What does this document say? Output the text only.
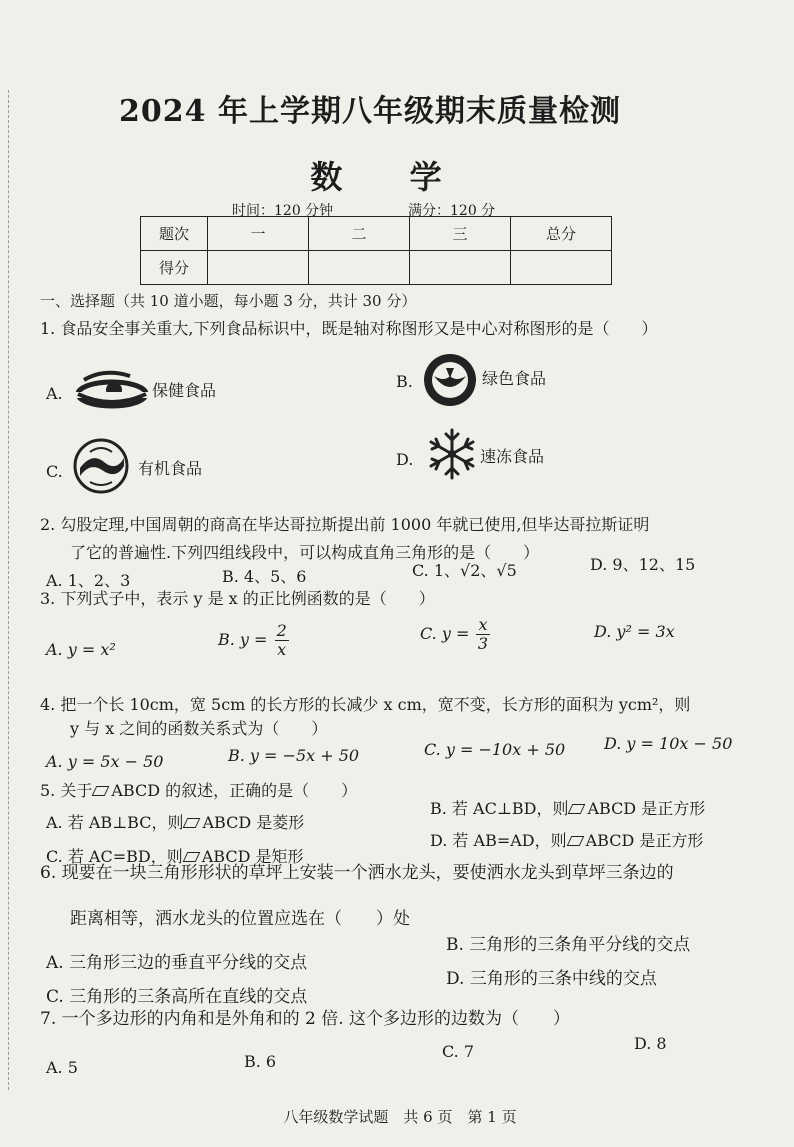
2024 年上学期八年级期末质量检测
数 学
时间：120 分钟	满分：120 分
题次	一	二	三	总分
得分				
一、选择题（共 10 道小题，每小题 3 分，共计 30 分）
1. 食品安全事关重大,下列食品标识中，既是轴对称图形又是中心对称图形的是（　　）
A.	保健食品	B.	绿色食品
C.	有机食品	D.	速冻食品
2. 勾股定理,中国周朝的商高在毕达哥拉斯提出前 1000 年就已使用,但毕达哥拉斯证明
了它的普遍性.下列四组线段中，可以构成直角三角形的是（　　）
A. 1、2、3	B. 4、5、6	C. 1、√2、√5	D. 9、12、15
3. 下列式子中，表示 y 是 x 的正比例函数的是（　　）
A. y = x²
B. $y = \frac{2}{x}$	C. $y = \frac{x}{3}$	D. y² = 3x
4. 把一个长 10cm，宽 5cm 的长方形的长减少 x cm，宽不变，长方形的面积为 ycm²，则
y 与 x 之间的函数关系式为（　　）
A. y = 5x − 50	B. y = −5x + 50	C. y = −10x + 50 D. y = 10x − 50
5. 关于 ABCD 的叙述，正确的是（　　）
A. 若 AB⊥BC，则 ABCD 是菱形
B. 若 AC⊥BD，则 ABCD 是正方形
C. 若 AC=BD，则 ABCD 是矩形
D. 若 AB=AD，则 ABCD 是正方形
6. 现要在一块三角形形状的草坪上安装一个洒水龙头，要使洒水龙头到草坪三条边的
距离相等，洒水龙头的位置应选在（　　）处
A. 三角形三边的垂直平分线的交点
B. 三角形的三条角平分线的交点
C. 三角形的三条高所在直线的交点
D. 三角形的三条中线的交点
7. 一个多边形的内角和是外角和的 2 倍. 这个多边形的边数为（　　）
A. 5	B. 6
C. 7	D. 8
八年级数学试题　共 6 页　第 1 页
